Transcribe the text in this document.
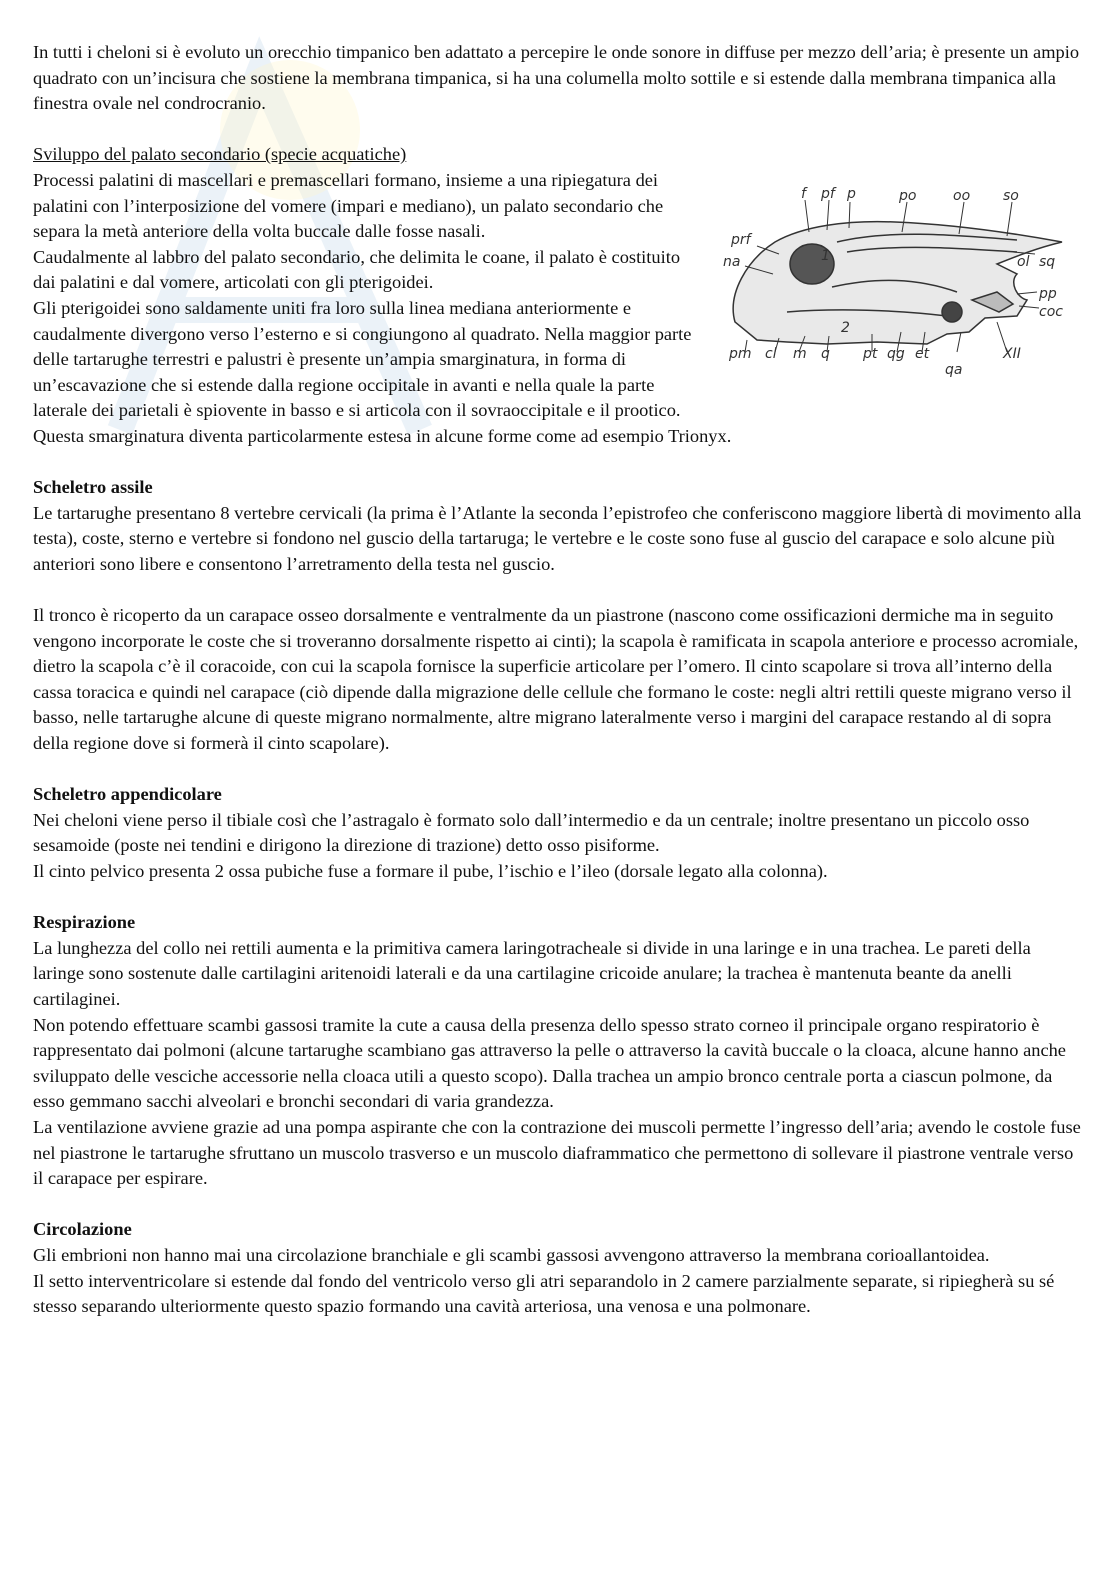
In tutti i cheloni si è evoluto un orecchio timpanico ben adattato a percepire le onde sonore in diffuse per mezzo dell’aria; è presente un ampio quadrato con un’incisura che sostiene la membrana timpanica, si ha una columella molto sottile e si estende dalla membrana timpanica alla finestra ovale nel condrocranio.

Sviluppo del palato secondario (specie acquatiche)

f pf p	po	oo so
prf
na	ol sq
pp
coc
pm cl m q pt qg et	XII
qa
1
2

Processi palatini di mascellari e premascellari formano, insieme a una ripiegatura dei palatini con l’interposizione del vomere (impari e mediano), un palato secondario che separa la metà anteriore della volta buccale dalle fosse nasali.

Caudalmente al labbro del palato secondario, che delimita le coane, il palato è costituito dai palatini e dal vomere, articolati con gli pterigoidei.

Gli pterigoidei sono saldamente uniti fra loro sulla linea mediana anteriormente e caudalmente divergono verso l’esterno e si congiungono al quadrato. Nella maggior parte delle tartarughe terrestri e palustri è presente un’ampia smarginatura, in forma di un’escavazione che si estende dalla regione occipitale in avanti e nella quale la parte laterale dei parietali è spiovente in basso e si articola con il sovraoccipitale e il prootico.

Questa smarginatura diventa particolarmente estesa in alcune forme come ad esempio Trionyx.

Scheletro assile

Le tartarughe presentano 8 vertebre cervicali (la prima è l’Atlante la seconda l’epistrofeo che conferiscono maggiore libertà di movimento alla testa), coste, sterno e vertebre si fondono nel guscio della tartaruga; le vertebre e le coste sono fuse al guscio del carapace e solo alcune più anteriori sono libere e consentono l’arretramento della testa nel guscio.

Il tronco è ricoperto da un carapace osseo dorsalmente e ventralmente da un piastrone (nascono come ossificazioni dermiche ma in seguito vengono incorporate le coste che si troveranno dorsalmente rispetto ai cinti); la scapola è ramificata in scapola anteriore e processo acromiale, dietro la scapola c’è il coracoide, con cui la scapola fornisce la superficie articolare per l’omero. Il cinto scapolare si trova all’interno della cassa toracica e quindi nel carapace (ciò dipende dalla migrazione delle cellule che formano le coste: negli altri rettili queste migrano verso il basso, nelle tartarughe alcune di queste migrano normalmente, altre migrano lateralmente verso i margini del carapace restando al di sopra della regione dove si formerà il cinto scapolare).

Scheletro appendicolare

Nei cheloni viene perso il tibiale così che l’astragalo è formato solo dall’intermedio e da un centrale; inoltre presentano un piccolo osso sesamoide (poste nei tendini e dirigono la direzione di trazione) detto osso pisiforme.

Il cinto pelvico presenta 2 ossa pubiche fuse a formare il pube, l’ischio e l’ileo (dorsale legato alla colonna).

Respirazione

La lunghezza del collo nei rettili aumenta e la primitiva camera laringotracheale si divide in una laringe e in una trachea. Le pareti della laringe sono sostenute dalle cartilagini aritenoidi laterali e da una cartilagine cricoide anulare; la trachea è mantenuta beante da anelli cartilaginei.

Non potendo effettuare scambi gassosi tramite la cute a causa della presenza dello spesso strato corneo il principale organo respiratorio è rappresentato dai polmoni (alcune tartarughe scambiano gas attraverso la pelle o attraverso la cavità buccale o la cloaca, alcune hanno anche sviluppato delle vesciche accessorie nella cloaca utili a questo scopo). Dalla trachea un ampio bronco centrale porta a ciascun polmone, da esso gemmano sacchi alveolari e bronchi secondari di varia grandezza.

La ventilazione avviene grazie ad una pompa aspirante che con la contrazione dei muscoli permette l’ingresso dell’aria; avendo le costole fuse nel piastrone le tartarughe sfruttano un muscolo trasverso e un muscolo diaframmatico che permettono di sollevare il piastrone ventrale verso il carapace per espirare.

Circolazione

Gli embrioni non hanno mai una circolazione branchiale e gli scambi gassosi avvengono attraverso la membrana corioallantoidea.

Il setto interventricolare si estende dal fondo del ventricolo verso gli atri separandolo in 2 camere parzialmente separate, si ripiegherà su sé stesso separando ulteriormente questo spazio formando una cavità arteriosa, una venosa e una polmonare.
